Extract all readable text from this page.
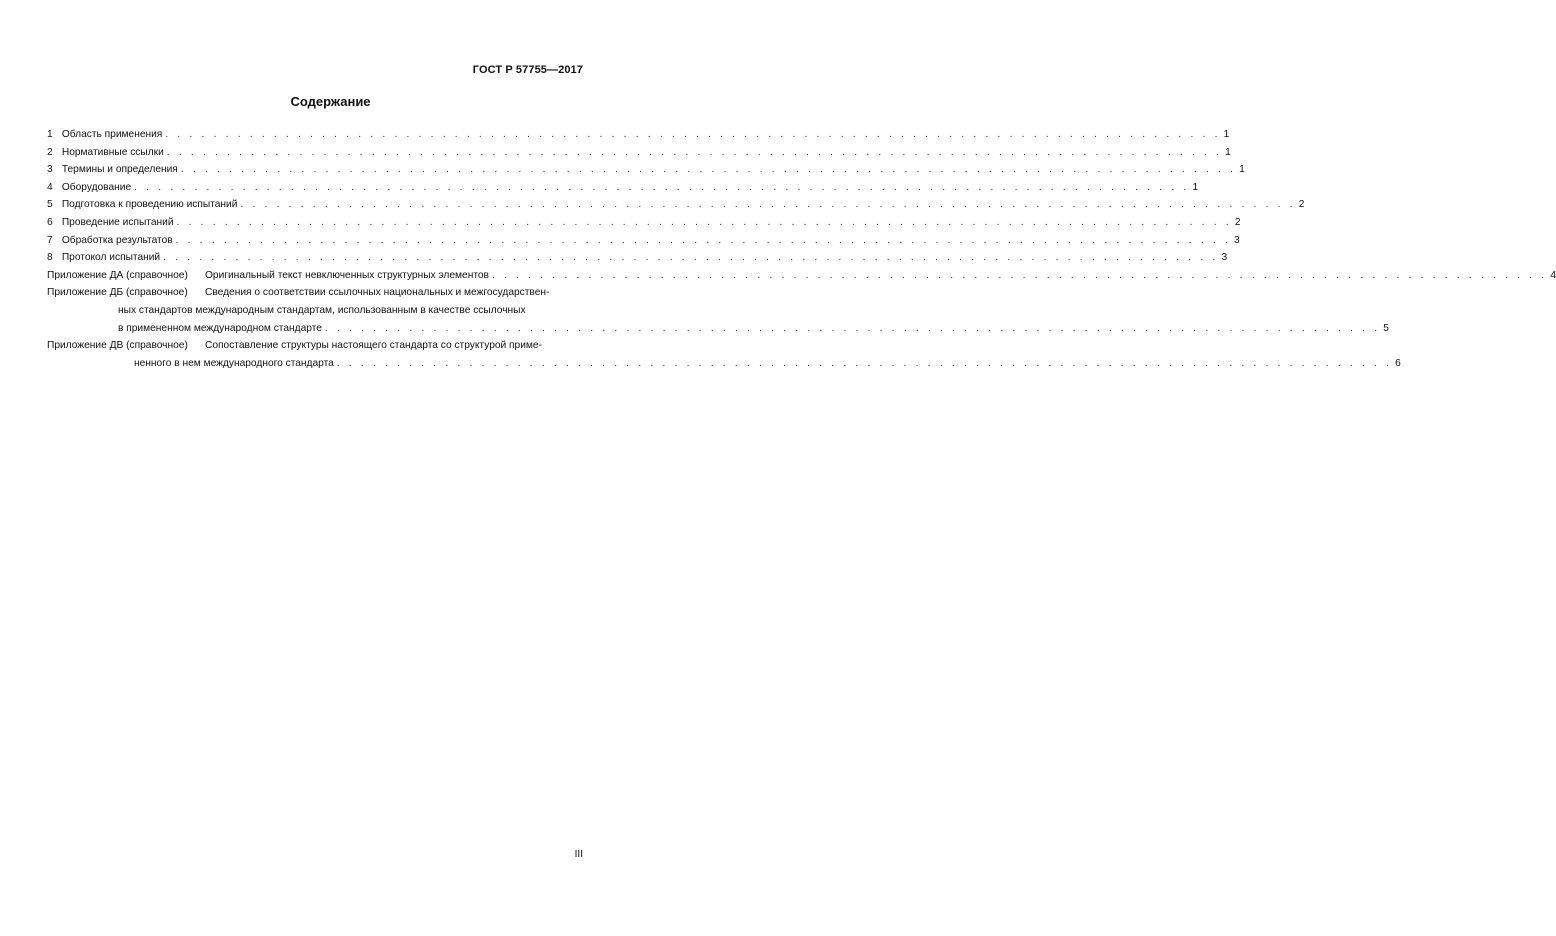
ГОСТ Р 57755—2017
Содержание
1 Область применения . . .	1
2 Нормативные ссылки . . .	1
3 Термины и определения . . .	1
4 Оборудование . . .	1
5 Подготовка к проведению испытаний . . .	2
6 Проведение испытаний . . .	2
7 Обработка результатов . . .	3
8 Протокол испытаний . . .	3
Приложение ДА (справочное)	Оригинальный текст невключенных структурных элементов . . .	4
Приложение ДБ (справочное)	Сведения о соответствии ссылочных национальных и межгосударствен-
ных стандартов международным стандартам, использованным в качестве ссылочных
в примененном международном стандарте . . .	5
Приложение ДВ (справочное)	Сопоставление структуры настоящего стандарта со структурой приме-
ненного в нем международного стандарта . . .	6
III
